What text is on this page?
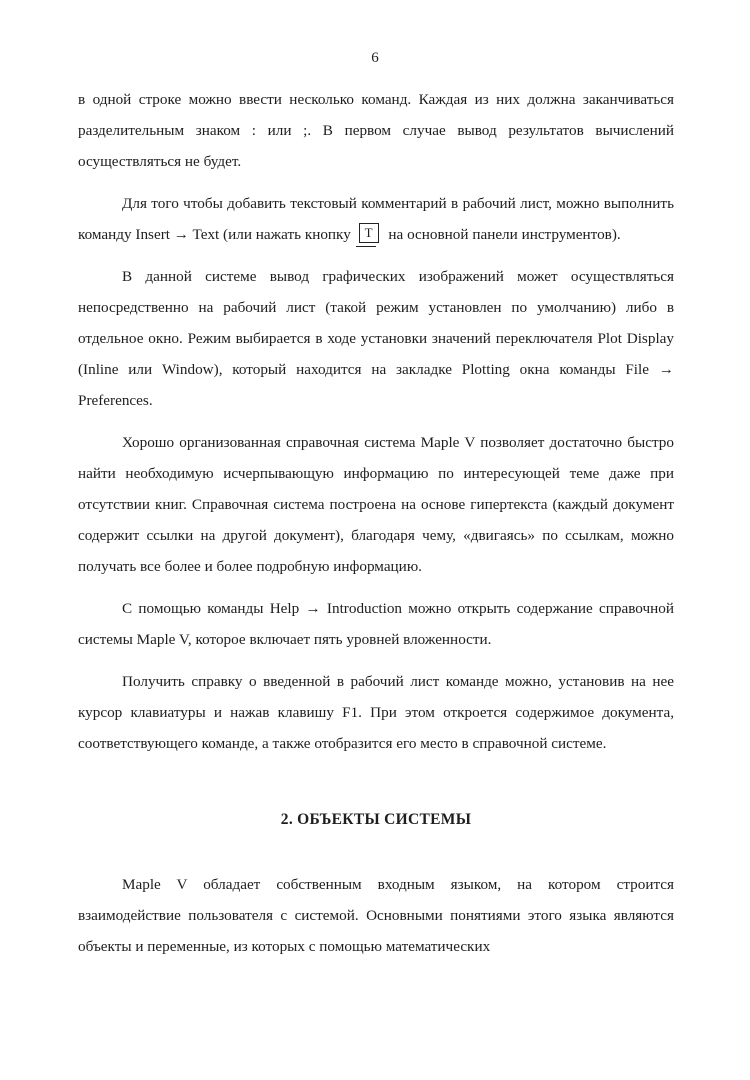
6

в одной строке можно ввести несколько команд. Каждая из них должна заканчиваться разделительным знаком : или ;. В первом случае вывод результатов вычислений осуществляться не будет.

Для того чтобы добавить текстовый комментарий в рабочий лист, можно выполнить команду Insert → Text (или нажать кнопку T на основной панели инструментов).

В данной системе вывод графических изображений может осуществляться непосредственно на рабочий лист (такой режим установлен по умолчанию) либо в отдельное окно. Режим выбирается в ходе установки значений переключателя Plot Display (Inline или Window), который находится на закладке Plotting окна команды File → Preferences.

Хорошо организованная справочная система Maple V позволяет достаточно быстро найти необходимую исчерпывающую информацию по интересующей теме даже при отсутствии книг. Справочная система построена на основе гипертекста (каждый документ содержит ссылки на другой документ), благодаря чему, «двигаясь» по ссылкам, можно получать все более и более подробную информацию.

С помощью команды Help → Introduction можно открыть содержание справочной системы Maple V, которое включает пять уровней вложенности.

Получить справку о введенной в рабочий лист команде можно, установив на нее курсор клавиатуры и нажав клавишу F1. При этом откроется содержимое документа, соответствующего команде, а также отобразится его место в справочной системе.

2. ОБЪЕКТЫ СИСТЕМЫ

Maple V обладает собственным входным языком, на котором строится взаимодействие пользователя с системой. Основными понятиями этого языка являются объекты и переменные, из которых с помощью математических
